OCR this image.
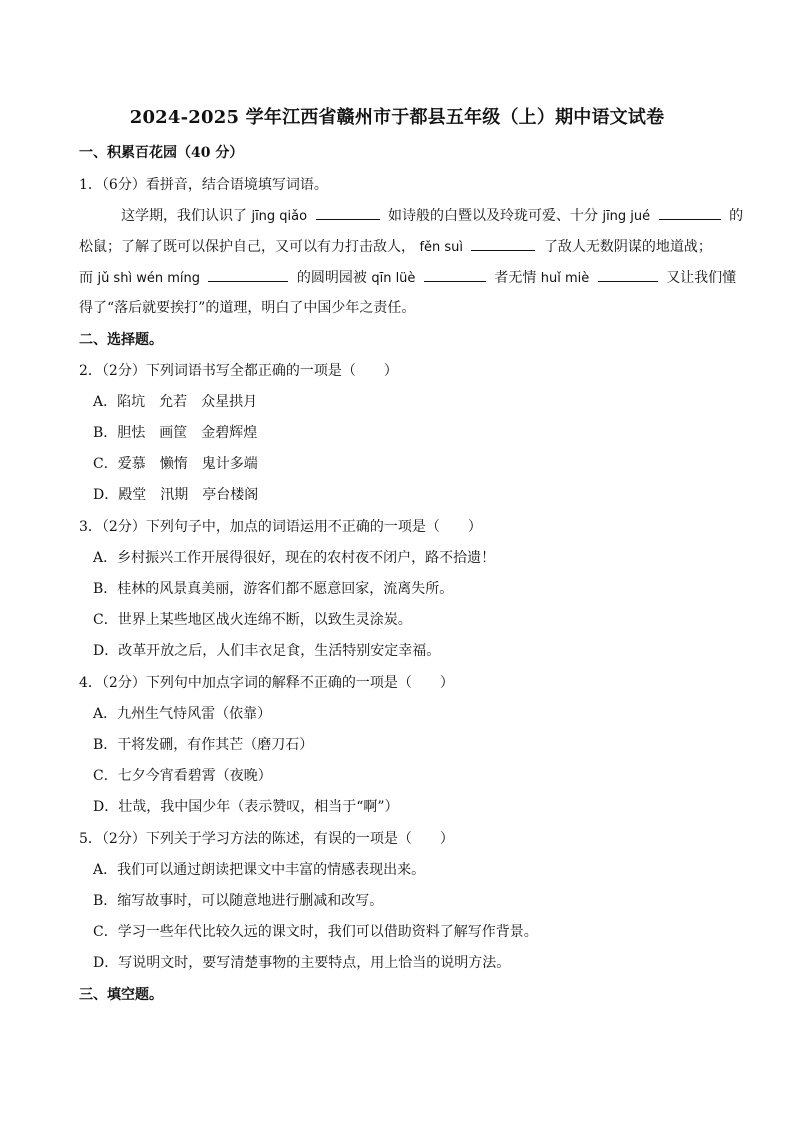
2024-2025 学年江西省赣州市于都县五年级（上）期中语文试卷
一、积累百花园（40 分）
1．（6分）看拼音，结合语境填写词语。
这学期，我们认识了 jīng qiǎo	如诗般的白暨以及玲珑可爱、十分 jīng jué	的
松鼠；了解了既可以保护自己，又可以有力打击敌人， fěn suì	了敌人无数阴谋的地道战；
而 jǔ shì wén míng	的圆明园被 qīn lüè	者无情 huǐ miè	又让我们懂
得了“落后就要挨打”的道理，明白了中国少年之责任。
二、选择题。
2．（2分）下列词语书写全都正确的一项是（　　）
A．陷坑　允若　众星拱月
B．胆怯　画筐　金碧辉煌
C．爱慕　懒惰　鬼计多端
D．殿堂　汛期　亭台楼阁
3．（2分）下列句子中，加点的词语运用不正确的一项是（　　）
A．乡村振兴工作开展得很好，现在的农村夜不闭户，路不拾遗！
B．桂林的风景真美丽，游客们都不愿意回家，流离失所。
C．世界上某些地区战火连绵不断，以致生灵涂炭。
D．改革开放之后，人们丰衣足食，生活特别安定幸福。
4．（2分）下列句中加点字词的解释不正确的一项是（　　）
A．九州生气恃风雷（依靠）
B．干将发硎，有作其芒（磨刀石）
C．七夕今宵看碧霄（夜晚）
D．壮哉，我中国少年（表示赞叹，相当于“啊”）
5．（2分）下列关于学习方法的陈述，有误的一项是（　　）
A．我们可以通过朗读把课文中丰富的情感表现出来。
B．缩写故事时，可以随意地进行删减和改写。
C．学习一些年代比较久远的课文时，我们可以借助资料了解写作背景。
D．写说明文时，要写清楚事物的主要特点，用上恰当的说明方法。
三、填空题。
